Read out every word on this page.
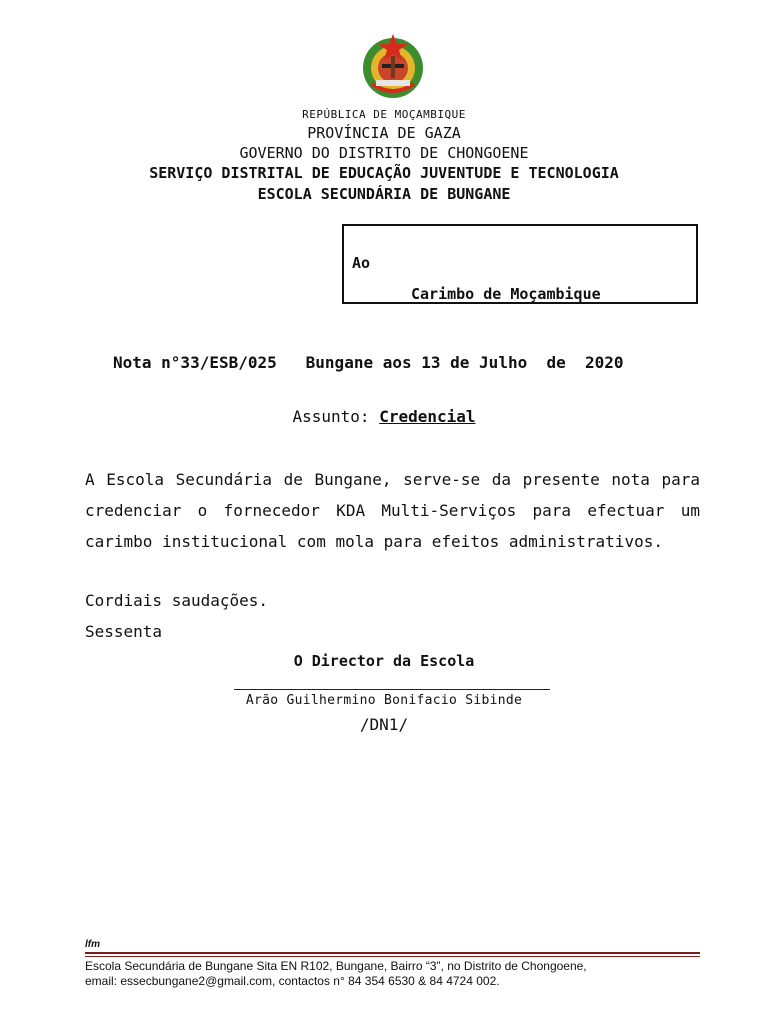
REPÚBLICA DE MOÇAMBIQUE
PROVÍNCIA DE GAZA
GOVERNO DO DISTRITO DE CHONGOENE
SERVIÇO DISTRITAL DE EDUCAÇÃO JUVENTUDE E TECNOLOGIA
ESCOLA SECUNDÁRIA DE BUNGANE
Ao
Carimbo de Moçambique
Nota n°33/ESB/025   Bungane aos 13 de Julho  de  2020
Assunto: Credencial

A Escola Secundária de Bungane, serve-se da presente nota para credenciar o fornecedor KDA Multi-Serviços para efectuar um carimbo institucional com mola para efeitos administrativos.

Cordiais saudações.
Sessenta
O Director da Escola
Arão Guilhermino Bonifacio Sibinde
/DN1/
lfm
Escola Secundária de Bungane Sita EN R102, Bungane, Bairro “3”, no Distrito de Chongoene,
email: essecbungane2@gmail.com, contactos n° 84 354 6530 & 84 4724 002.
